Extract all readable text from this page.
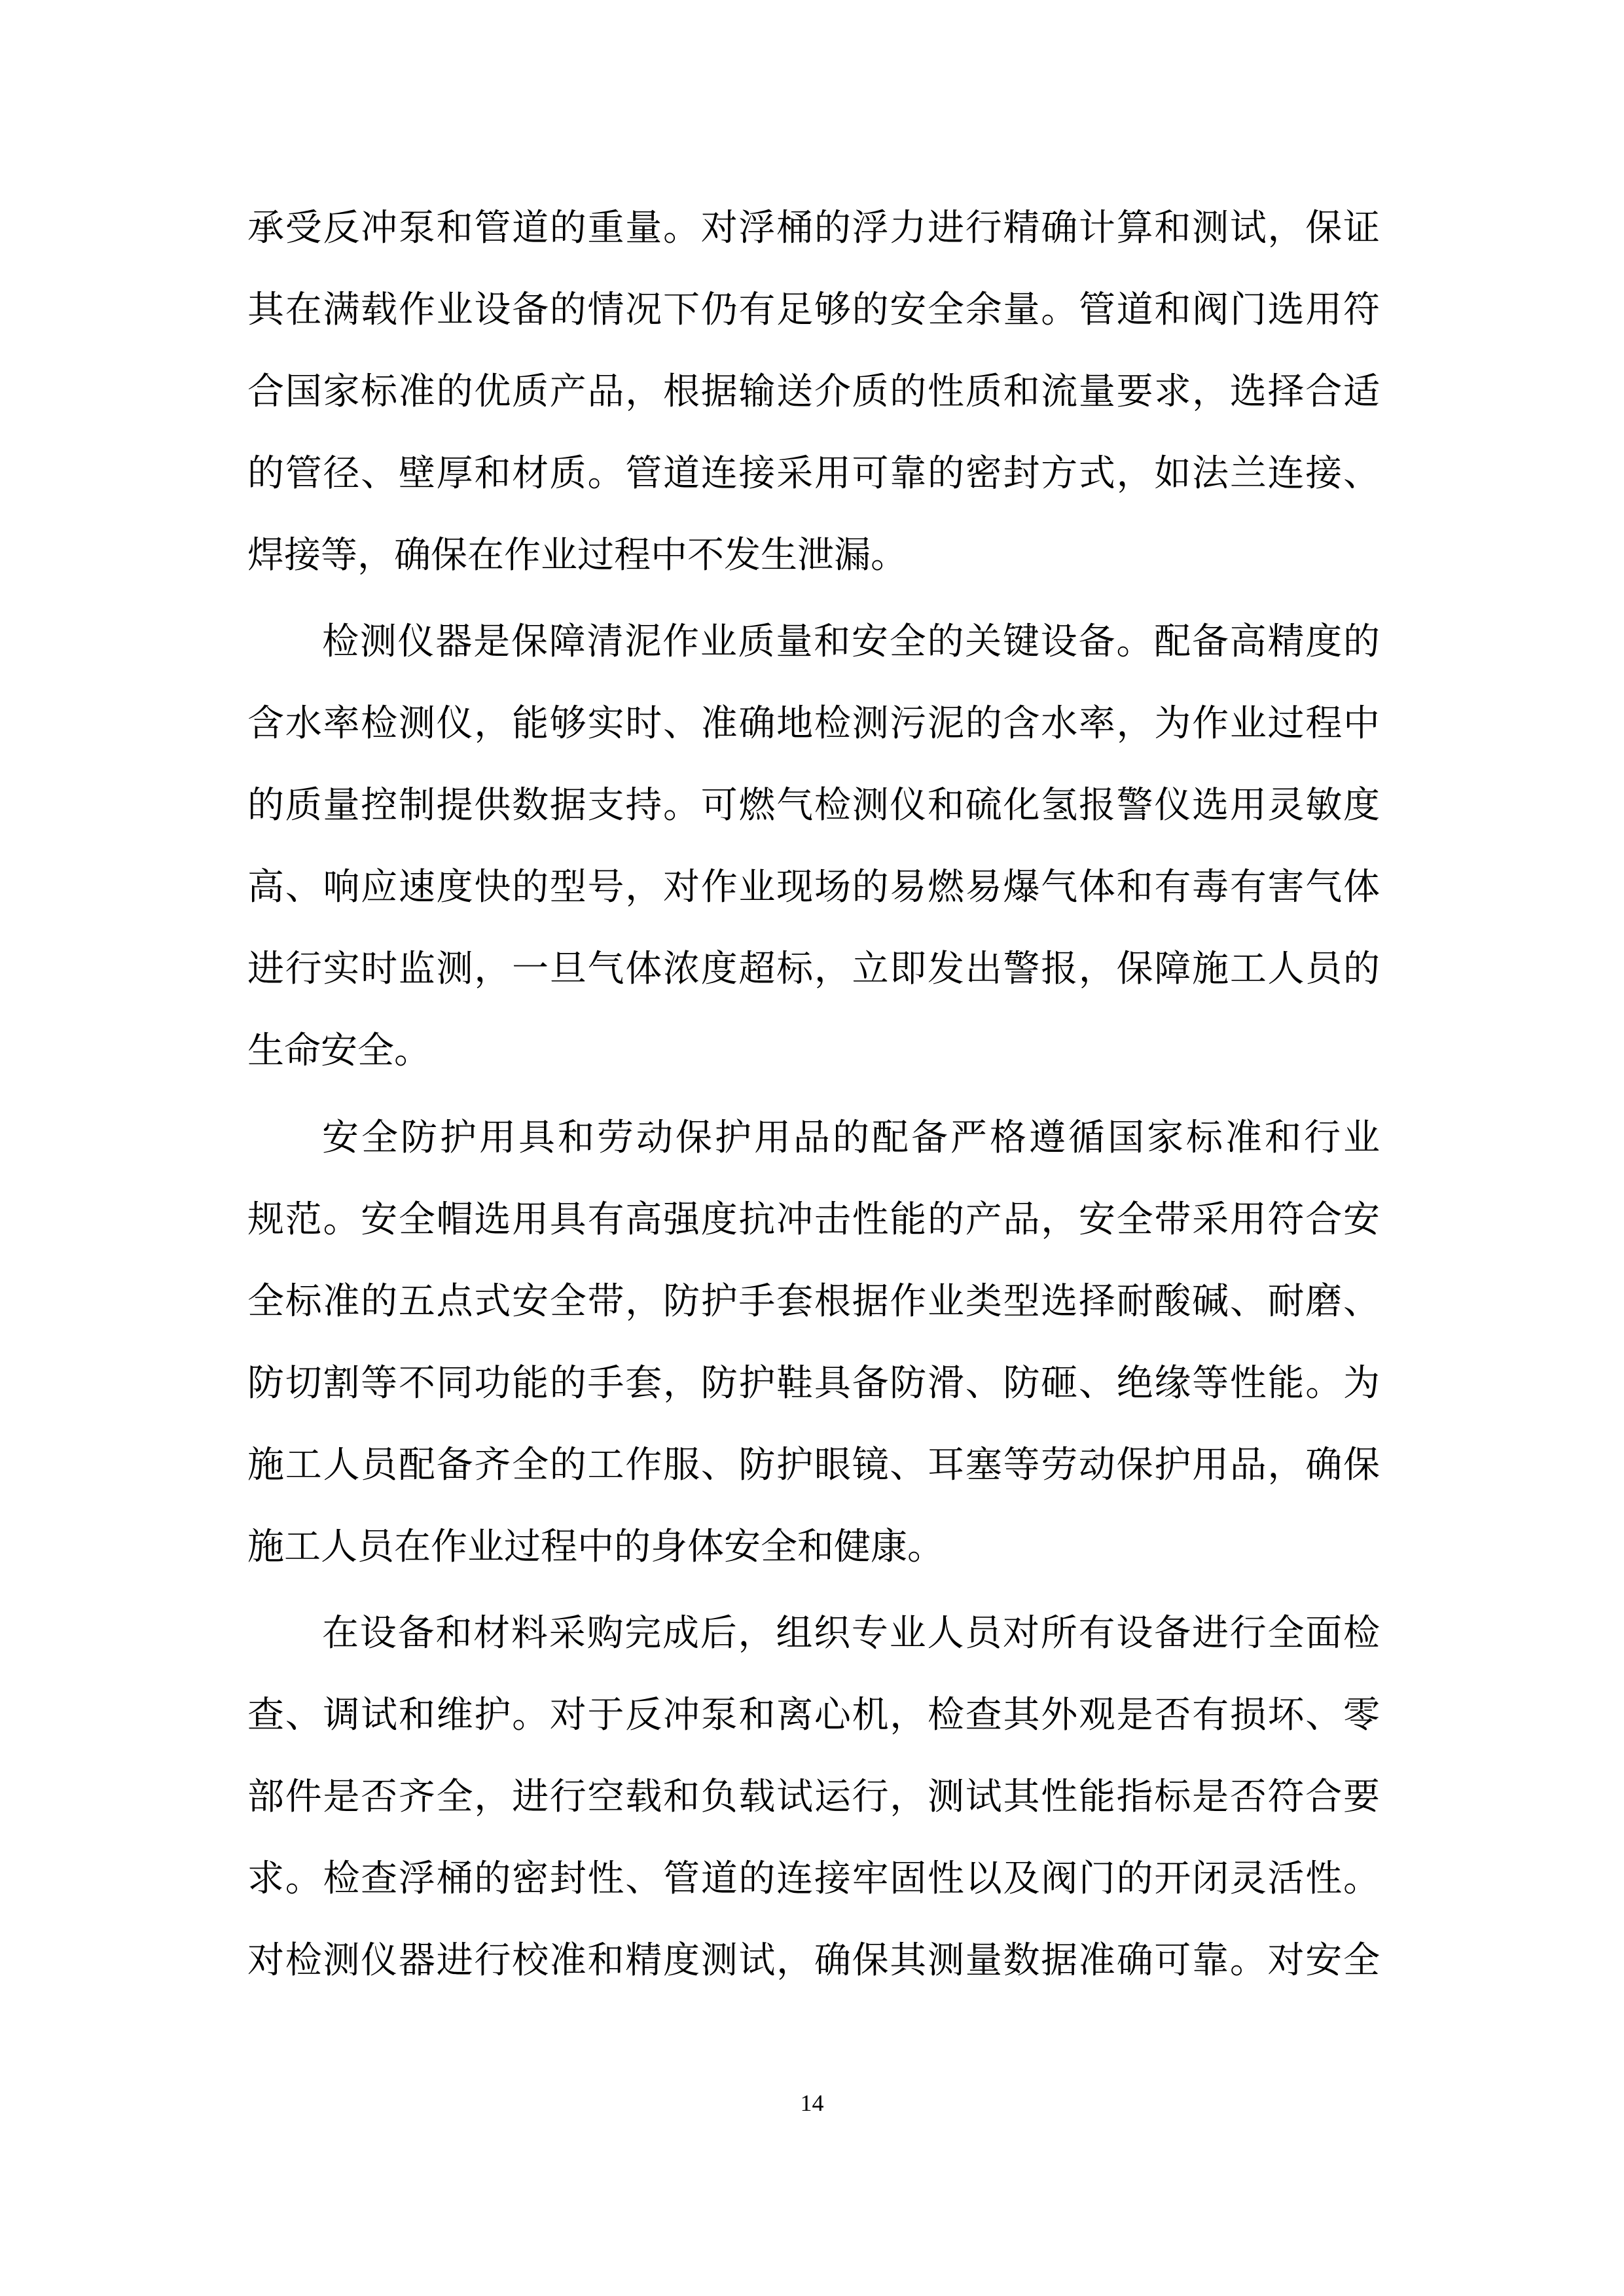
承受反冲泵和管道的重量。对浮桶的浮力进行精确计算和测试，保证
其在满载作业设备的情况下仍有足够的安全余量。管道和阀门选用符
合国家标准的优质产品，根据输送介质的性质和流量要求，选择合适
的管径、壁厚和材质。管道连接采用可靠的密封方式，如法兰连接、
焊接等，确保在作业过程中不发生泄漏。
检测仪器是保障清泥作业质量和安全的关键设备。配备高精度的
含水率检测仪，能够实时、准确地检测污泥的含水率，为作业过程中
的质量控制提供数据支持。可燃气检测仪和硫化氢报警仪选用灵敏度
高、响应速度快的型号，对作业现场的易燃易爆气体和有毒有害气体
进行实时监测，一旦气体浓度超标，立即发出警报，保障施工人员的
生命安全。
安全防护用具和劳动保护用品的配备严格遵循国家标准和行业
规范。安全帽选用具有高强度抗冲击性能的产品，安全带采用符合安
全标准的五点式安全带，防护手套根据作业类型选择耐酸碱、耐磨、
防切割等不同功能的手套，防护鞋具备防滑、防砸、绝缘等性能。为
施工人员配备齐全的工作服、防护眼镜、耳塞等劳动保护用品，确保
施工人员在作业过程中的身体安全和健康。
在设备和材料采购完成后，组织专业人员对所有设备进行全面检
查、调试和维护。对于反冲泵和离心机，检查其外观是否有损坏、零
部件是否齐全，进行空载和负载试运行，测试其性能指标是否符合要
求。检查浮桶的密封性、管道的连接牢固性以及阀门的开闭灵活性。
对检测仪器进行校准和精度测试，确保其测量数据准确可靠。对安全
14
